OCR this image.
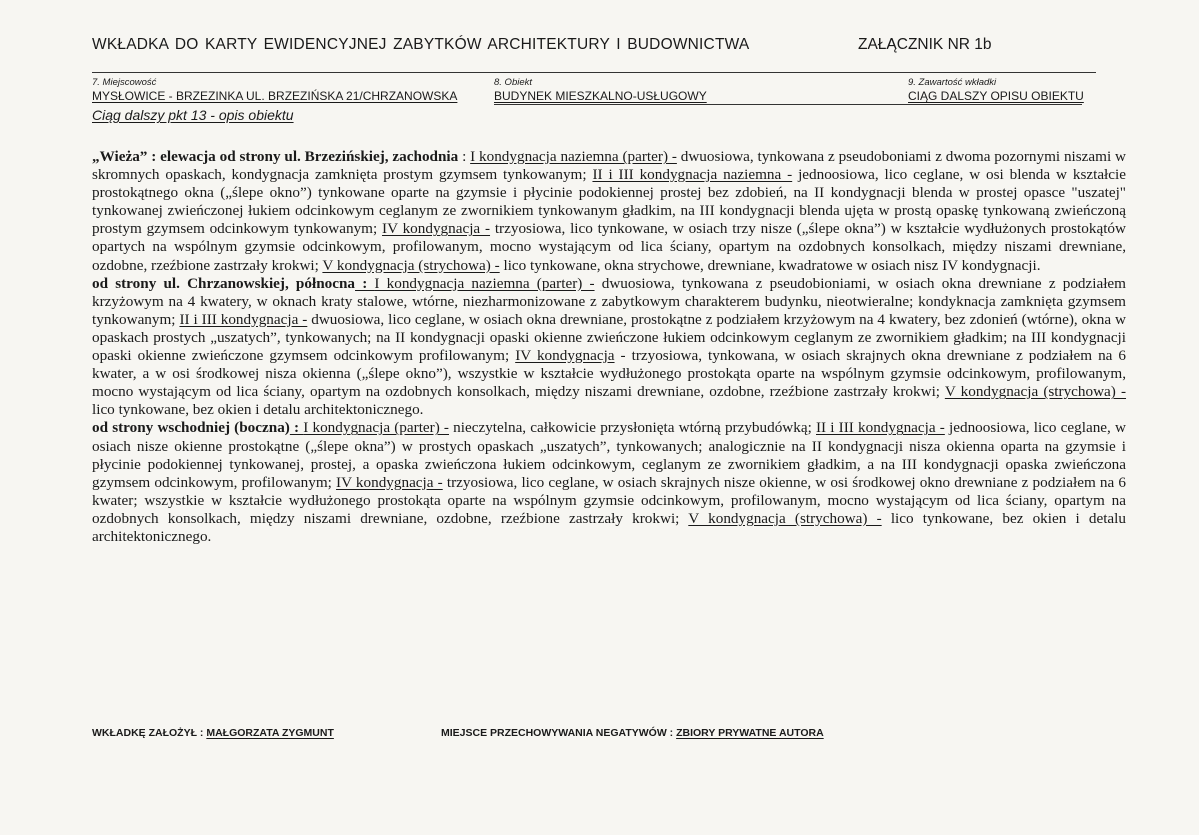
WKŁADKA DO KARTY EWIDENCYJNEJ ZABYTKÓW ARCHITEKTURY I BUDOWNICTWA	ZAŁĄCZNIK NR 1b
7. Miejscowość
MYSŁOWICE - BRZEZINKA UL. BRZEZIŃSKA 21/CHRZANOWSKA
8. Obiekt
BUDYNEK MIESZKALNO-USŁUGOWY
9. Zawartość wkładki
CIĄG DALSZY OPISU OBIEKTU
Ciąg dalszy pkt 13 - opis obiektu

„Wieża” : elewacja od strony ul. Brzezińskiej, zachodnia : I kondygnacja naziemna (parter) - dwuosiowa, tynkowana z pseudoboniami z dwoma pozornymi niszami w skromnych opaskach, kondygnacja zamknięta prostym gzymsem tynkowanym; II i III kondygnacja naziemna - jednoosiowa, lico ceglane, w osi blenda w kształcie prostokątnego okna („ślepe okno”) tynkowane oparte na gzymsie i płycinie podokiennej prostej bez zdobień, na II kondygnacji blenda w prostej opasce "uszatej" tynkowanej zwieńczonej łukiem odcinkowym ceglanym ze zwornikiem tynkowanym gładkim, na III kondygnacji blenda ujęta w prostą opaskę tynkowaną zwieńczoną prostym gzymsem odcinkowym tynkowanym; IV kondygnacja - trzyosiowa, lico tynkowane, w osiach trzy nisze („ślepe okna”) w kształcie wydłużonych prostokątów opartych na wspólnym gzymsie odcinkowym, profilowanym, mocno wystającym od lica ściany, opartym na ozdobnych konsolkach, między niszami drewniane, ozdobne, rzeźbione zastrzały krokwi; V kondygnacja (strychowa) - lico tynkowane, okna strychowe, drewniane, kwadratowe w osiach nisz IV kondygnacji.

od strony ul. Chrzanowskiej, północna : I kondygnacja naziemna (parter) - dwuosiowa, tynkowana z pseudobioniami, w osiach okna drewniane z podziałem krzyżowym na 4 kwatery, w oknach kraty stalowe, wtórne, niezharmonizowane z zabytkowym charakterem budynku, nieotwieralne; kondyknacja zamknięta gzymsem tynkowanym; II i III kondygnacja - dwuosiowa, lico ceglane, w osiach okna drewniane, prostokątne z podziałem krzyżowym na 4 kwatery, bez zdonień (wtórne), okna w opaskach prostych „uszatych”, tynkowanych; na II kondygnacji opaski okienne zwieńczone łukiem odcinkowym ceglanym ze zwornikiem gładkim; na III kondygnacji opaski okienne zwieńczone gzymsem odcinkowym profilowanym; IV kondygnacja - trzyosiowa, tynkowana, w osiach skrajnych okna drewniane z podziałem na 6 kwater, a w osi środkowej nisza okienna („ślepe okno”), wszystkie w kształcie wydłużonego prostokąta oparte na wspólnym gzymsie odcinkowym, profilowanym, mocno wystającym od lica ściany, opartym na ozdobnych konsolkach, między niszami drewniane, ozdobne, rzeźbione zastrzały krokwi; V kondygnacja (strychowa) - lico tynkowane, bez okien i detalu architektonicznego.

od strony wschodniej (boczna) : I kondygnacja (parter) - nieczytelna, całkowicie przysłonięta wtórną przybudówką; II i III kondygnacja - jednoosiowa, lico ceglane, w osiach nisze okienne prostokątne („ślepe okna”) w prostych opaskach „uszatych”, tynkowanych; analogicznie na II kondygnacji nisza okienna oparta na gzymsie i płycinie podokiennej tynkowanej, prostej, a opaska zwieńczona łukiem odcinkowym, ceglanym ze zwornikiem gładkim, a na III kondygnacji opaska zwieńczona gzymsem odcinkowym, profilowanym; IV kondygnacja - trzyosiowa, lico ceglane, w osiach skrajnych nisze okienne, w osi środkowej okno drewniane z podziałem na 6 kwater; wszystkie w kształcie wydłużonego prostokąta oparte na wspólnym gzymsie odcinkowym, profilowanym, mocno wystającym od lica ściany, opartym na ozdobnych konsolkach, między niszami drewniane, ozdobne, rzeźbione zastrzały krokwi; V kondygnacja (strychowa) - lico tynkowane, bez okien i detalu architektonicznego.

WKŁADKĘ ZAŁOŻYŁ : MAŁGORZATA ZYGMUNT	MIEJSCE PRZECHOWYWANIA NEGATYWÓW : ZBIORY PRYWATNE AUTORA
